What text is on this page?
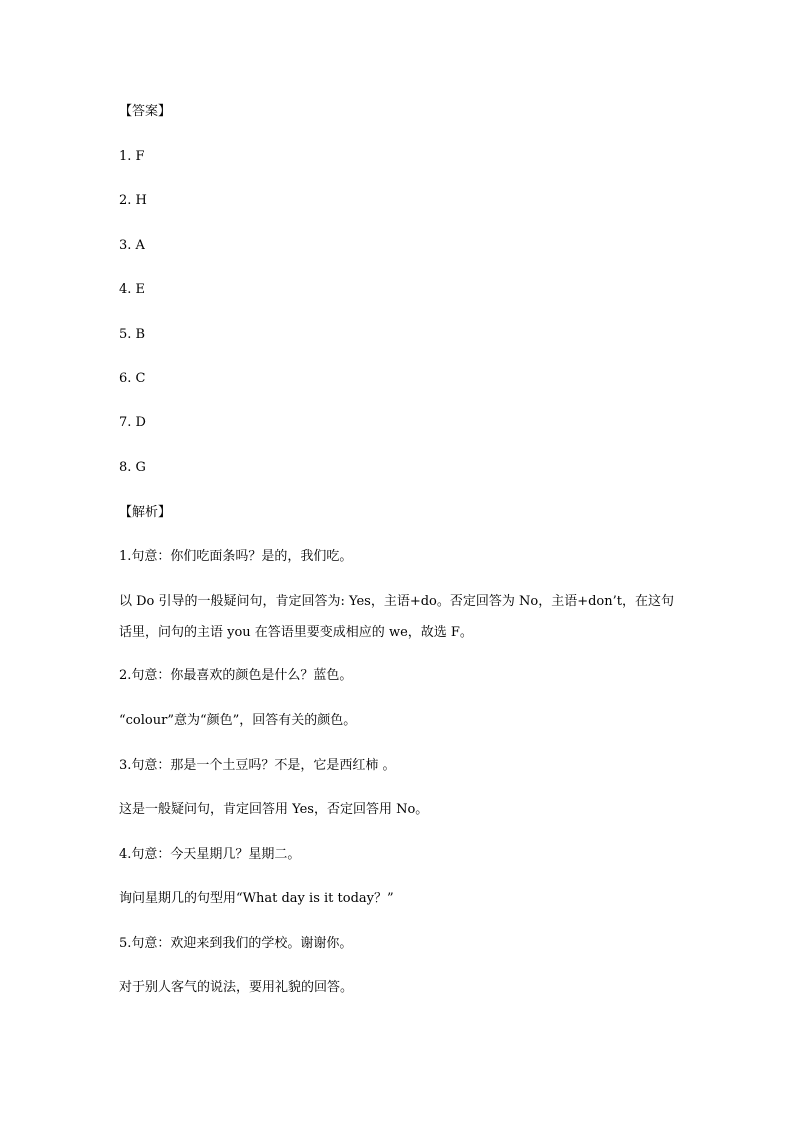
【答案】
1. F
2. H
3. A
4. E
5. B
6. C
7. D
8. G
【解析】
1.句意：你们吃面条吗？是的，我们吃。
以 Do 引导的一般疑问句，肯定回答为: Yes，主语+do。否定回答为 No，主语+don’t，在这句话里，问句的主语 you 在答语里要变成相应的 we，故选 F。
2.句意：你最喜欢的颜色是什么？蓝色。
“colour”意为“颜色”，回答有关的颜色。
3.句意：那是一个土豆吗？不是，它是西红柿 。
这是一般疑问句，肯定回答用 Yes，否定回答用 No。
4.句意：今天星期几？星期二。
询问星期几的句型用“What day is it today？”
5.句意：欢迎来到我们的学校。谢谢你。
对于别人客气的说法，要用礼貌的回答。
